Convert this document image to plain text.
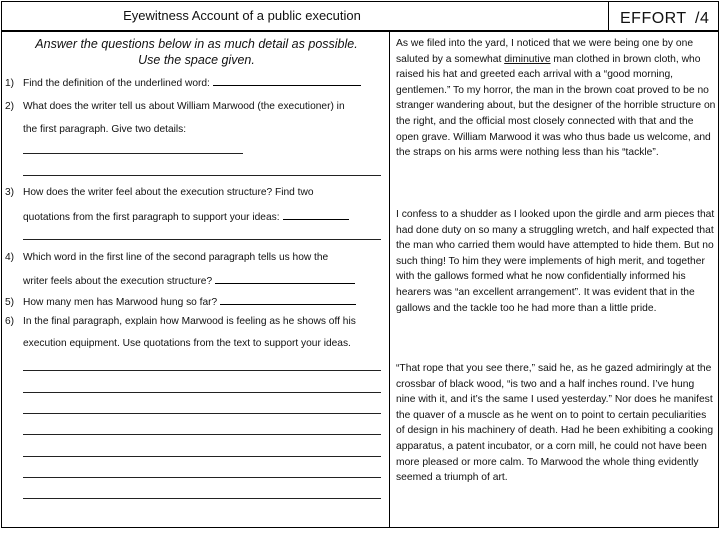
Eyewitness Account of a public execution	EFFORT /4
Answer the questions below in as much detail as possible.
Use the space given.
1) Find the definition of the underlined word:
2) What does the writer tell us about William Marwood (the executioner) in
the first paragraph. Give two details:
3) How does the writer feel about the execution structure? Find two
quotations from the first paragraph to support your ideas:
4) Which word in the first line of the second paragraph tells us how the
writer feels about the execution structure?
5) How many men has Marwood hung so far?
6) In the final paragraph, explain how Marwood is feeling as he shows off his
execution equipment. Use quotations from the text to support your ideas.

As we filed into the yard, I noticed that we were being one by one saluted by a somewhat diminutive man clothed in brown cloth, who raised his hat and greeted each arrival with a “good morning, gentlemen.” To my horror, the man in the brown coat proved to be no stranger wandering about, but the designer of the horrible structure on the right, and the official most closely connected with that and the open grave. William Marwood it was who thus bade us welcome, and the straps on his arms were nothing less than his “tackle”.

I confess to a shudder as I looked upon the girdle and arm pieces that had done duty on so many a struggling wretch, and half expected that the man who carried them would have attempted to hide them. But no such thing! To him they were implements of high merit, and together with the gallows formed what he now confidentially informed his hearers was “an excellent arrangement”. It was evident that in the gallows and the tackle too he had more than a little pride.

“That rope that you see there,” said he, as he gazed admiringly at the crossbar of black wood, “is two and a half inches round. I’ve hung nine with it, and it’s the same I used yesterday.” Nor does he manifest the quaver of a muscle as he went on to point to certain peculiarities of design in his machinery of death. Had he been exhibiting a cooking apparatus, a patent incubator, or a corn mill, he could not have been more pleased or more calm. To Marwood the whole thing evidently seemed a triumph of art.
